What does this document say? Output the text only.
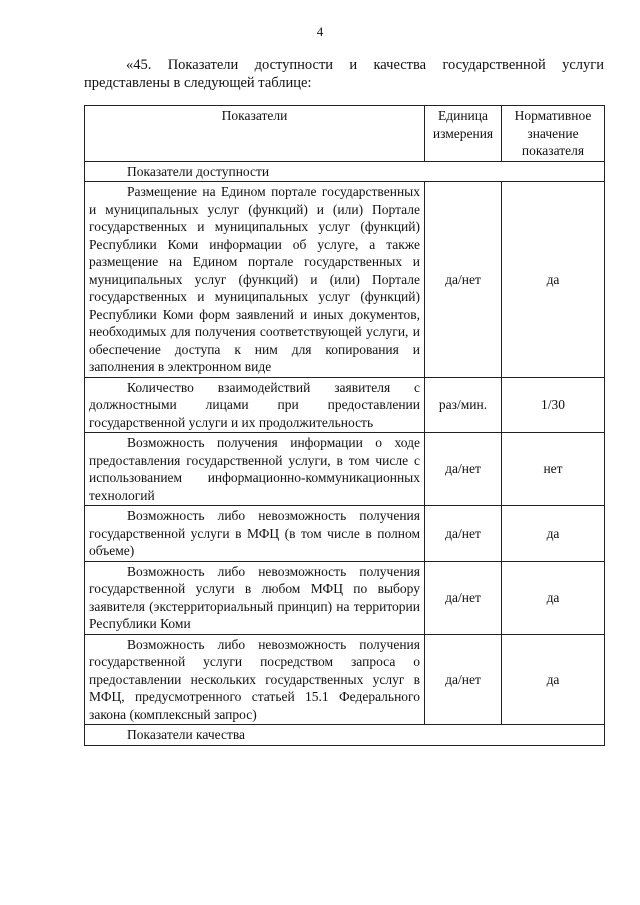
4
«45. Показатели доступности и качества государственной услуги представлены в следующей таблице:
Показатели	Единица измерения	Нормативное значение показателя
Показатели доступности		
Размещение на Едином портале государственных и муниципальных услуг (функций) и (или) Портале государственных и муниципальных услуг (функций) Республики Коми информации об услуге, а также размещение на Едином портале государственных и муниципальных услуг (функций) и (или) Портале государственных и муниципальных услуг (функций) Республики Коми форм заявлений и иных документов, необходимых для получения соответствующей услуги, и обеспечение доступа к ним для копирования и заполнения в электронном виде	да/нет	да
Количество взаимодействий заявителя с должностными лицами при предоставлении государственной услуги и их продолжительность	раз/мин.	1/30
Возможность получения информации о ходе предоставления государственной услуги, в том числе с использованием информационно-коммуникационных технологий	да/нет	нет
Возможность либо невозможность получения государственной услуги в МФЦ (в том числе в полном объеме)	да/нет	да
Возможность либо невозможность получения государственной услуги в любом МФЦ по выбору заявителя (экстерриториальный принцип) на территории Республики Коми	да/нет	да
Возможность либо невозможность получения государственной услуги посредством запроса о предоставлении нескольких государственных услуг в МФЦ, предусмотренного статьей 15.1 Федерального закона (комплексный запрос)	да/нет	да
Показатели качества		
